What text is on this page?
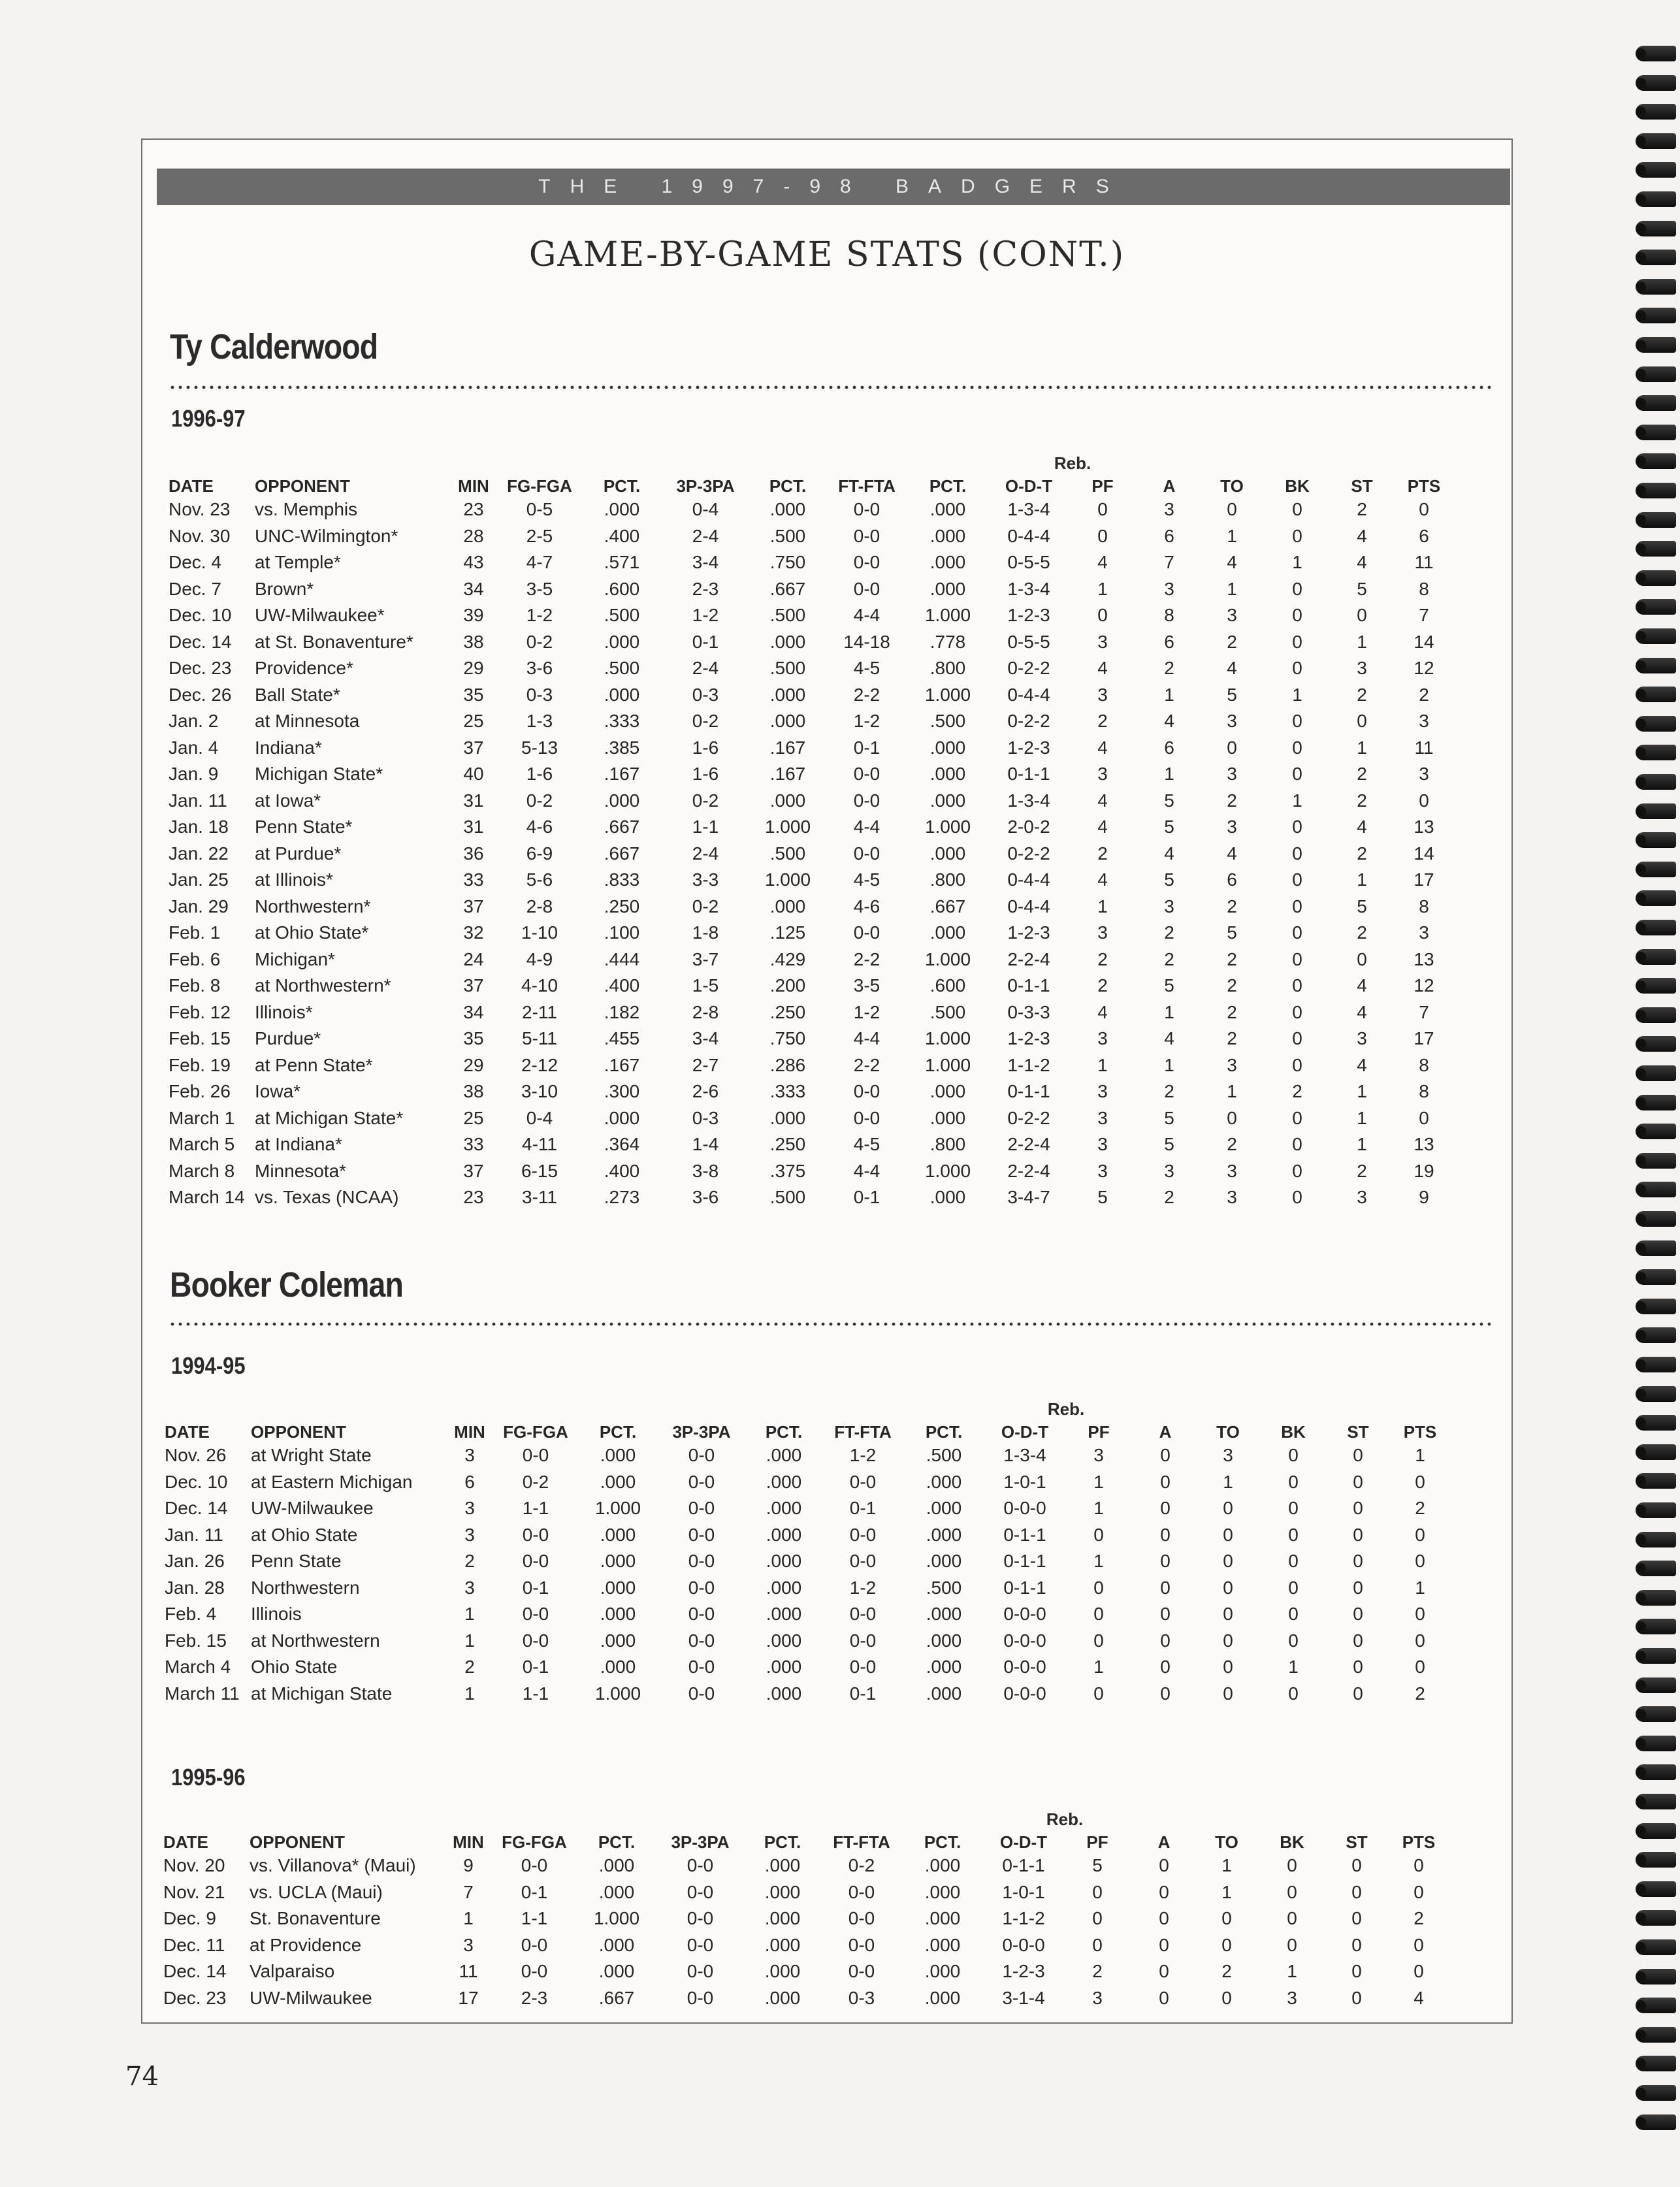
THE 1997-98 BADGERS
GAME-BY-GAME STATS (CONT.)
Ty Calderwood
1996-97
Reb.
DATE	OPPONENT	MIN	FG-FGA	PCT.	3P-3PA	PCT.	FT-FTA	PCT.	O-D-T	PF	A	TO	BK	ST	PTS
Nov. 23	vs. Memphis	23	0-5	.000	0-4	.000	0-0	.000	1-3-4	0	3	0	0	2	0
Nov. 30	UNC-Wilmington*	28	2-5	.400	2-4	.500	0-0	.000	0-4-4	0	6	1	0	4	6
Dec. 4	at Temple*	43	4-7	.571	3-4	.750	0-0	.000	0-5-5	4	7	4	1	4	11
Dec. 7	Brown*	34	3-5	.600	2-3	.667	0-0	.000	1-3-4	1	3	1	0	5	8
Dec. 10	UW-Milwaukee*	39	1-2	.500	1-2	.500	4-4	1.000	1-2-3	0	8	3	0	0	7
Dec. 14	at St. Bonaventure*	38	0-2	.000	0-1	.000	14-18	.778	0-5-5	3	6	2	0	1	14
Dec. 23	Providence*	29	3-6	.500	2-4	.500	4-5	.800	0-2-2	4	2	4	0	3	12
Dec. 26	Ball State*	35	0-3	.000	0-3	.000	2-2	1.000	0-4-4	3	1	5	1	2	2
Jan. 2	at Minnesota	25	1-3	.333	0-2	.000	1-2	.500	0-2-2	2	4	3	0	0	3
Jan. 4	Indiana*	37	5-13	.385	1-6	.167	0-1	.000	1-2-3	4	6	0	0	1	11
Jan. 9	Michigan State*	40	1-6	.167	1-6	.167	0-0	.000	0-1-1	3	1	3	0	2	3
Jan. 11	at Iowa*	31	0-2	.000	0-2	.000	0-0	.000	1-3-4	4	5	2	1	2	0
Jan. 18	Penn State*	31	4-6	.667	1-1	1.000	4-4	1.000	2-0-2	4	5	3	0	4	13
Jan. 22	at Purdue*	36	6-9	.667	2-4	.500	0-0	.000	0-2-2	2	4	4	0	2	14
Jan. 25	at Illinois*	33	5-6	.833	3-3	1.000	4-5	.800	0-4-4	4	5	6	0	1	17
Jan. 29	Northwestern*	37	2-8	.250	0-2	.000	4-6	.667	0-4-4	1	3	2	0	5	8
Feb. 1	at Ohio State*	32	1-10	.100	1-8	.125	0-0	.000	1-2-3	3	2	5	0	2	3
Feb. 6	Michigan*	24	4-9	.444	3-7	.429	2-2	1.000	2-2-4	2	2	2	0	0	13
Feb. 8	at Northwestern*	37	4-10	.400	1-5	.200	3-5	.600	0-1-1	2	5	2	0	4	12
Feb. 12	Illinois*	34	2-11	.182	2-8	.250	1-2	.500	0-3-3	4	1	2	0	4	7
Feb. 15	Purdue*	35	5-11	.455	3-4	.750	4-4	1.000	1-2-3	3	4	2	0	3	17
Feb. 19	at Penn State*	29	2-12	.167	2-7	.286	2-2	1.000	1-1-2	1	1	3	0	4	8
Feb. 26	Iowa*	38	3-10	.300	2-6	.333	0-0	.000	0-1-1	3	2	1	2	1	8
March 1	at Michigan State*	25	0-4	.000	0-3	.000	0-0	.000	0-2-2	3	5	0	0	1	0
March 5	at Indiana*	33	4-11	.364	1-4	.250	4-5	.800	2-2-4	3	5	2	0	1	13
March 8	Minnesota*	37	6-15	.400	3-8	.375	4-4	1.000	2-2-4	3	3	3	0	2	19
March 14	vs. Texas (NCAA)	23	3-11	.273	3-6	.500	0-1	.000	3-4-7	5	2	3	0	3	9
Booker Coleman
1994-95
Reb.
DATE	OPPONENT	MIN	FG-FGA	PCT.	3P-3PA	PCT.	FT-FTA	PCT.	O-D-T	PF	A	TO	BK	ST	PTS
Nov. 26	at Wright State	3	0-0	.000	0-0	.000	1-2	.500	1-3-4	3	0	3	0	0	1
Dec. 10	at Eastern Michigan	6	0-2	.000	0-0	.000	0-0	.000	1-0-1	1	0	1	0	0	0
Dec. 14	UW-Milwaukee	3	1-1	1.000	0-0	.000	0-1	.000	0-0-0	1	0	0	0	0	2
Jan. 11	at Ohio State	3	0-0	.000	0-0	.000	0-0	.000	0-1-1	0	0	0	0	0	0
Jan. 26	Penn State	2	0-0	.000	0-0	.000	0-0	.000	0-1-1	1	0	0	0	0	0
Jan. 28	Northwestern	3	0-1	.000	0-0	.000	1-2	.500	0-1-1	0	0	0	0	0	1
Feb. 4	Illinois	1	0-0	.000	0-0	.000	0-0	.000	0-0-0	0	0	0	0	0	0
Feb. 15	at Northwestern	1	0-0	.000	0-0	.000	0-0	.000	0-0-0	0	0	0	0	0	0
March 4	Ohio State	2	0-1	.000	0-0	.000	0-0	.000	0-0-0	1	0	0	1	0	0
March 11	at Michigan State	1	1-1	1.000	0-0	.000	0-1	.000	0-0-0	0	0	0	0	0	2
1995-96
Reb.
DATE	OPPONENT	MIN	FG-FGA	PCT.	3P-3PA	PCT.	FT-FTA	PCT.	O-D-T	PF	A	TO	BK	ST	PTS
Nov. 20	vs. Villanova* (Maui)	9	0-0	.000	0-0	.000	0-2	.000	0-1-1	5	0	1	0	0	0
Nov. 21	vs. UCLA (Maui)	7	0-1	.000	0-0	.000	0-0	.000	1-0-1	0	0	1	0	0	0
Dec. 9	St. Bonaventure	1	1-1	1.000	0-0	.000	0-0	.000	1-1-2	0	0	0	0	0	2
Dec. 11	at Providence	3	0-0	.000	0-0	.000	0-0	.000	0-0-0	0	0	0	0	0	0
Dec. 14	Valparaiso	11	0-0	.000	0-0	.000	0-0	.000	1-2-3	2	0	2	1	0	0
Dec. 23	UW-Milwaukee	17	2-3	.667	0-0	.000	0-3	.000	3-1-4	3	0	0	3	0	4
74
